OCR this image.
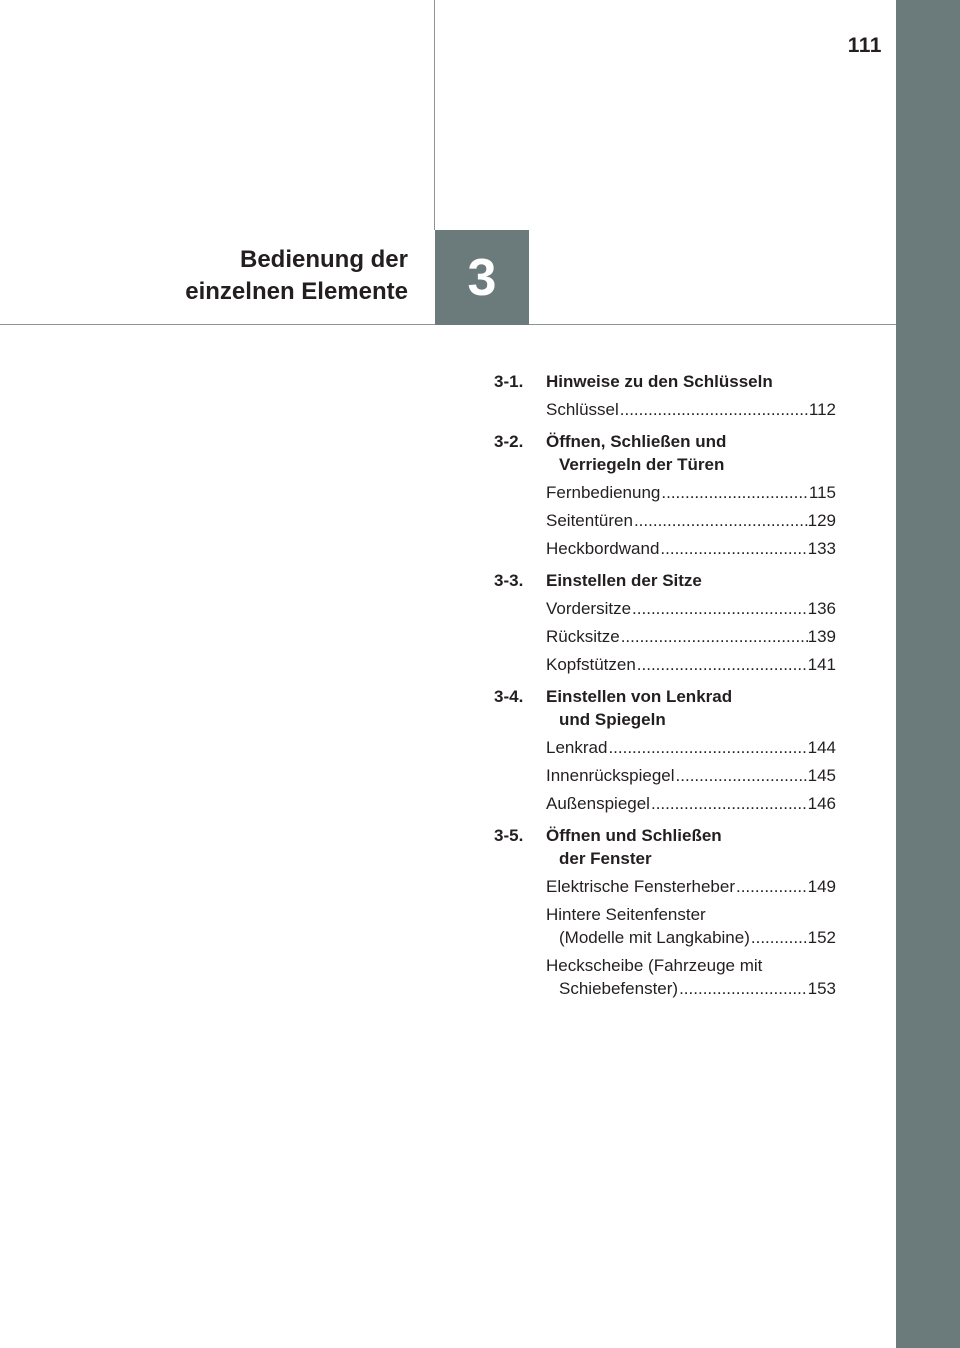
111
3
Bedienung der
einzelnen Elemente
3-1.	Hinweise zu den Schlüsseln
Schlüssel .....	112
3-2.	Öffnen, Schließen und
Verriegeln der Türen
Fernbedienung .....	115
Seitentüren .....	129
Heckbordwand .....	133
3-3.	Einstellen der Sitze
Vordersitze .....	136
Rücksitze .....	139
Kopfstützen .....	141
3-4.	Einstellen von Lenkrad
und Spiegeln
Lenkrad .....	144
Innenrückspiegel .....	145
Außenspiegel .....	146
3-5.	Öffnen und Schließen
der Fenster
Elektrische Fensterheber .....	149
Hintere Seitenfenster
(Modelle mit Langkabine) .....	152
Heckscheibe (Fahrzeuge mit
Schiebefenster) .....	153
